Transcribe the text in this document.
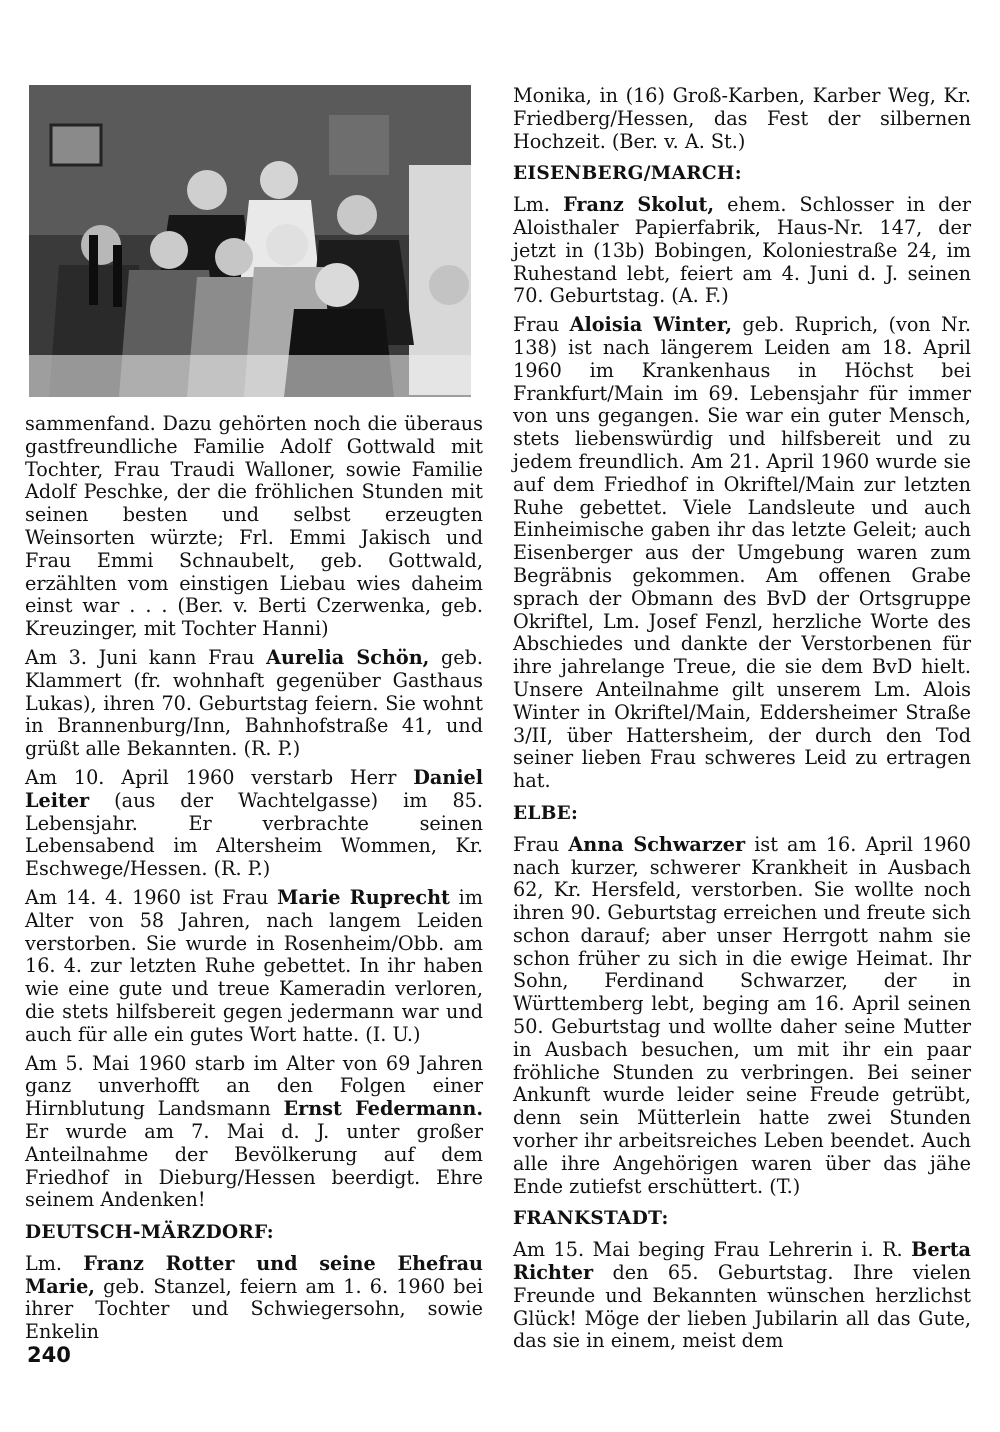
sammenfand. Dazu gehörten noch die überaus gastfreundliche Familie Adolf Gottwald mit Tochter, Frau Traudi Walloner, sowie Familie Adolf Peschke, der die fröhlichen Stunden mit seinen besten und selbst erzeugten Weinsorten würzte; Frl. Emmi Jakisch und Frau Emmi Schnaubelt, geb. Gottwald, erzählten vom einstigen Liebau wies daheim einst war . . . (Ber. v. Berti Czerwenka, geb. Kreuzinger, mit Tochter Hanni)

Am 3. Juni kann Frau Aurelia Schön, geb. Klammert (fr. wohnhaft gegenüber Gasthaus Lukas), ihren 70. Geburtstag feiern. Sie wohnt in Brannenburg/Inn, Bahnhofstraße 41, und grüßt alle Bekannten. (R. P.)

Am 10. April 1960 verstarb Herr Daniel Leiter (aus der Wachtelgasse) im 85. Lebensjahr. Er verbrachte seinen Lebensabend im Altersheim Wommen, Kr. Eschwege/Hessen. (R. P.)

Am 14. 4. 1960 ist Frau Marie Ruprecht im Alter von 58 Jahren, nach langem Leiden verstorben. Sie wurde in Rosenheim/Obb. am 16. 4. zur letzten Ruhe gebettet. In ihr haben wie eine gute und treue Kameradin verloren, die stets hilfsbereit gegen jedermann war und auch für alle ein gutes Wort hatte. (I. U.)

Am 5. Mai 1960 starb im Alter von 69 Jahren ganz unverhofft an den Folgen einer Hirnblutung Landsmann Ernst Federmann. Er wurde am 7. Mai d. J. unter großer Anteilnahme der Bevölkerung auf dem Friedhof in Dieburg/Hessen beerdigt. Ehre seinem Andenken!

DEUTSCH-MÄRZDORF:

Lm. Franz Rotter und seine Ehefrau Marie, geb. Stanzel, feiern am 1. 6. 1960 bei ihrer Tochter und Schwiegersohn, sowie Enkelin

Monika, in (16) Groß-Karben, Karber Weg, Kr. Friedberg/Hessen, das Fest der silbernen Hochzeit. (Ber. v. A. St.)

EISENBERG/MARCH:

Lm. Franz Skolut, ehem. Schlosser in der Aloisthaler Papierfabrik, Haus-Nr. 147, der jetzt in (13b) Bobingen, Koloniestraße 24, im Ruhestand lebt, feiert am 4. Juni d. J. seinen 70. Geburtstag. (A. F.)

Frau Aloisia Winter, geb. Ruprich, (von Nr. 138) ist nach längerem Leiden am 18. April 1960 im Krankenhaus in Höchst bei Frankfurt/Main im 69. Lebensjahr für immer von uns gegangen. Sie war ein guter Mensch, stets liebenswürdig und hilfsbereit und zu jedem freundlich. Am 21. April 1960 wurde sie auf dem Friedhof in Okriftel/Main zur letzten Ruhe gebettet. Viele Landsleute und auch Einheimische gaben ihr das letzte Geleit; auch Eisenberger aus der Umgebung waren zum Begräbnis gekommen. Am offenen Grabe sprach der Obmann des BvD der Ortsgruppe Okriftel, Lm. Josef Fenzl, herzliche Worte des Abschiedes und dankte der Verstorbenen für ihre jahrelange Treue, die sie dem BvD hielt. Unsere Anteilnahme gilt unserem Lm. Alois Winter in Okriftel/Main, Eddersheimer Straße 3/II, über Hattersheim, der durch den Tod seiner lieben Frau schweres Leid zu ertragen hat.

ELBE:

Frau Anna Schwarzer ist am 16. April 1960 nach kurzer, schwerer Krankheit in Ausbach 62, Kr. Hersfeld, verstorben. Sie wollte noch ihren 90. Geburtstag erreichen und freute sich schon darauf; aber unser Herrgott nahm sie schon früher zu sich in die ewige Heimat. Ihr Sohn, Ferdinand Schwarzer, der in Württemberg lebt, beging am 16. April seinen 50. Geburtstag und wollte daher seine Mutter in Ausbach besuchen, um mit ihr ein paar fröhliche Stunden zu verbringen. Bei seiner Ankunft wurde leider seine Freude getrübt, denn sein Mütterlein hatte zwei Stunden vorher ihr arbeitsreiches Leben beendet. Auch alle ihre Angehörigen waren über das jähe Ende zutiefst erschüttert. (T.)

FRANKSTADT:

Am 15. Mai beging Frau Lehrerin i. R. Berta Richter den 65. Geburtstag. Ihre vielen Freunde und Bekannten wünschen herzlichst Glück! Möge der lieben Jubilarin all das Gute, das sie in einem, meist dem

240
